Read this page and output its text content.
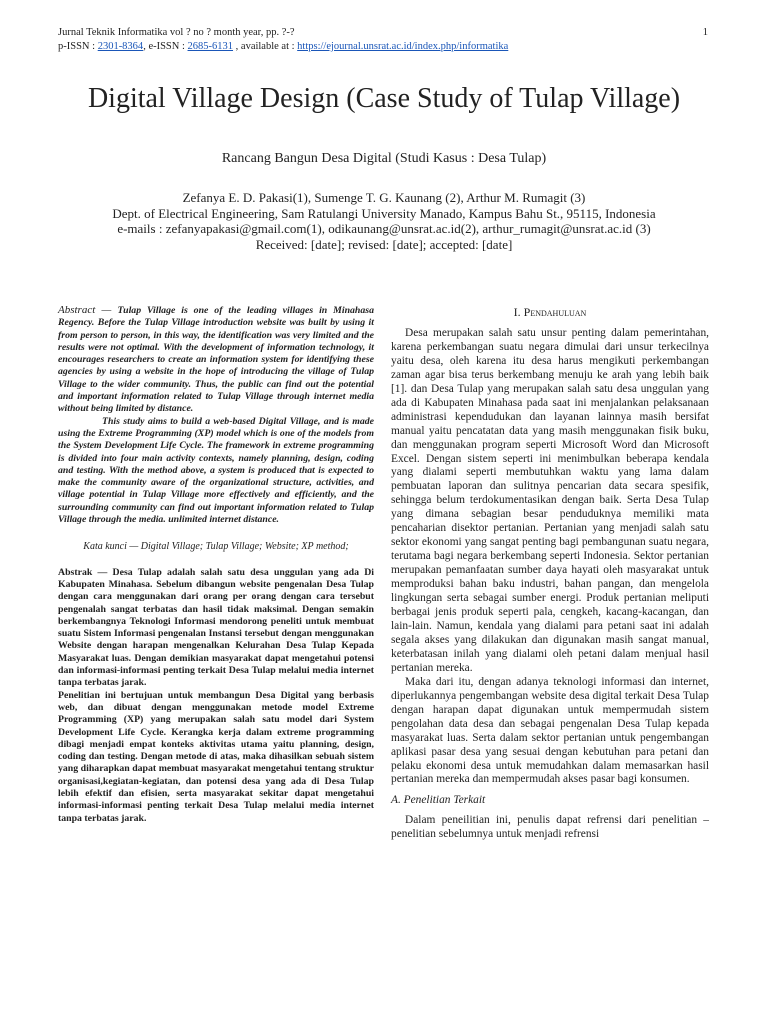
Jurnal Teknik Informatika vol ? no ? month year, pp. ?-?	1
p-ISSN : 2301-8364, e-ISSN : 2685-6131 , available at : https://ejournal.unsrat.ac.id/index.php/informatika
Digital Village Design (Case Study of Tulap Village)
Rancang Bangun Desa Digital (Studi Kasus : Desa Tulap)
Zefanya E. D. Pakasi(1), Sumenge T. G. Kaunang (2), Arthur M. Rumagit (3)
Dept. of Electrical Engineering, Sam Ratulangi University Manado, Kampus Bahu St., 95115, Indonesia
e-mails : zefanyapakasi@gmail.com(1), odikaunang@unsrat.ac.id(2), arthur_rumagit@unsrat.ac.id (3)
Received: [date]; revised: [date]; accepted: [date]

Abstract — Tulap Village is one of the leading villages in Minahasa Regency. Before the Tulap Village introduction website was built by using it from person to person, in this way, the identification was very limited and the results were not optimal. With the development of information technology, it encourages researchers to create an information system for identifying these agencies by using a website in the hope of introducing the village of Tulap Village to the wider community. Thus, the public can find out the potential and important information related to Tulap Village through internet media without being limited by distance.

This study aims to build a web-based Digital Village, and is made using the Extreme Programming (XP) model which is one of the models from the System Development Life Cycle. The framework in extreme programming is divided into four main activity contexts, namely planning, design, coding and testing. With the method above, a system is produced that is expected to make the community aware of the organizational structure, activities, and village potential in Tulap Village more effectively and efficiently, and the surrounding community can find out important information related to Tulap Village through the media. unlimited internet distance.

Kata kunci — Digital Village; Tulap Village; Website; XP method;

Abstrak — Desa Tulap adalah salah satu desa unggulan yang ada Di Kabupaten Minahasa. Sebelum dibangun website pengenalan Desa Tulap dengan cara menggunakan dari orang per orang dengan cara tersebut pengenalah sangat terbatas dan hasil tidak maksimal. Dengan semakin berkembangnya Teknologi Informasi mendorong peneliti untuk membuat suatu Sistem Informasi pengenalan Instansi tersebut dengan menggunakan Website dengan harapan mengenalkan Kelurahan Desa Tulap Kepada Masyarakat luas. Dengan demikian masyarakat dapat mengetahui potensi dan informasi-informasi penting terkait Desa Tulap melalui media internet tanpa terbatas jarak.

Penelitian ini bertujuan untuk membangun Desa Digital yang berbasis web, dan dibuat dengan menggunakan metode model Extreme Programming (XP) yang merupakan salah satu model dari System Development Life Cycle. Kerangka kerja dalam extreme programming dibagi menjadi empat konteks aktivitas utama yaitu planning, design, coding dan testing. Dengan metode di atas, maka dihasilkan sebuah sistem yang diharapkan dapat membuat masyarakat mengetahui tentang struktur organisasi,kegiatan-kegiatan, dan potensi desa yang ada di Desa Tulap lebih efektif dan efisien, serta masyarakat sekitar dapat mengetahui informasi-informasi penting terkait Desa Tulap melalui media internet tanpa terbatas jarak.

I. Pendahuluan

Desa merupakan salah satu unsur penting dalam pemerintahan, karena perkembangan suatu negara dimulai dari unsur terkecilnya yaitu desa, oleh karena itu desa harus mengikuti perkembangan zaman agar bisa terus berkembang menuju ke arah yang lebih baik [1]. dan Desa Tulap yang merupakan salah satu desa unggulan yang ada di Kabupaten Minahasa pada saat ini menjalankan pelaksanaan administrasi kependudukan dan layanan lainnya masih bersifat manual yaitu pencatatan data yang masih menggunakan fisik buku, dan menggunakan program seperti Microsoft Word dan Microsoft Excel. Dengan sistem seperti ini menimbulkan beberapa kendala yang dialami seperti membutuhkan waktu yang lama dalam pembuatan laporan dan sulitnya pencarian data secara spesifik, sehingga belum terdokumentasikan dengan baik. Serta Desa Tulap yang dimana sebagian besar penduduknya memiliki mata pencaharian disektor pertanian. Pertanian yang menjadi salah satu sektor ekonomi yang sangat penting bagi pembangunan suatu negara, terutama bagi negara berkembang seperti Indonesia. Sektor pertanian merupakan pemanfaatan sumber daya hayati oleh masyarakat untuk memproduksi bahan baku industri, bahan pangan, dan mengelola lingkungan serta sebagai sumber energi. Produk pertanian meliputi berbagai jenis produk seperti pala, cengkeh, kacang-kacangan, dan lain-lain. Namun, kendala yang dialami para petani saat ini adalah segala akses yang dilakukan dan digunakan masih sangat manual, keterbatasan inilah yang dialami oleh petani dalam menjual hasil pertanian mereka.

Maka dari itu, dengan adanya teknologi informasi dan internet, diperlukannya pengembangan website desa digital terkait Desa Tulap dengan harapan dapat digunakan untuk mempermudah sistem pengolahan data desa dan sebagai pengenalan Desa Tulap kepada masyarakat luas. Serta dalam sektor pertanian untuk pengembangan aplikasi pasar desa yang sesuai dengan kebutuhan para petani dan pelaku ekonomi desa untuk memudahkan dalam memasarkan hasil pertanian mereka dan mempermudah akses pasar bagi konsumen.

A. Penelitian Terkait

Dalam peneilitian ini, penulis dapat refrensi dari penelitian – penelitian sebelumnya untuk menjadi refrensi
